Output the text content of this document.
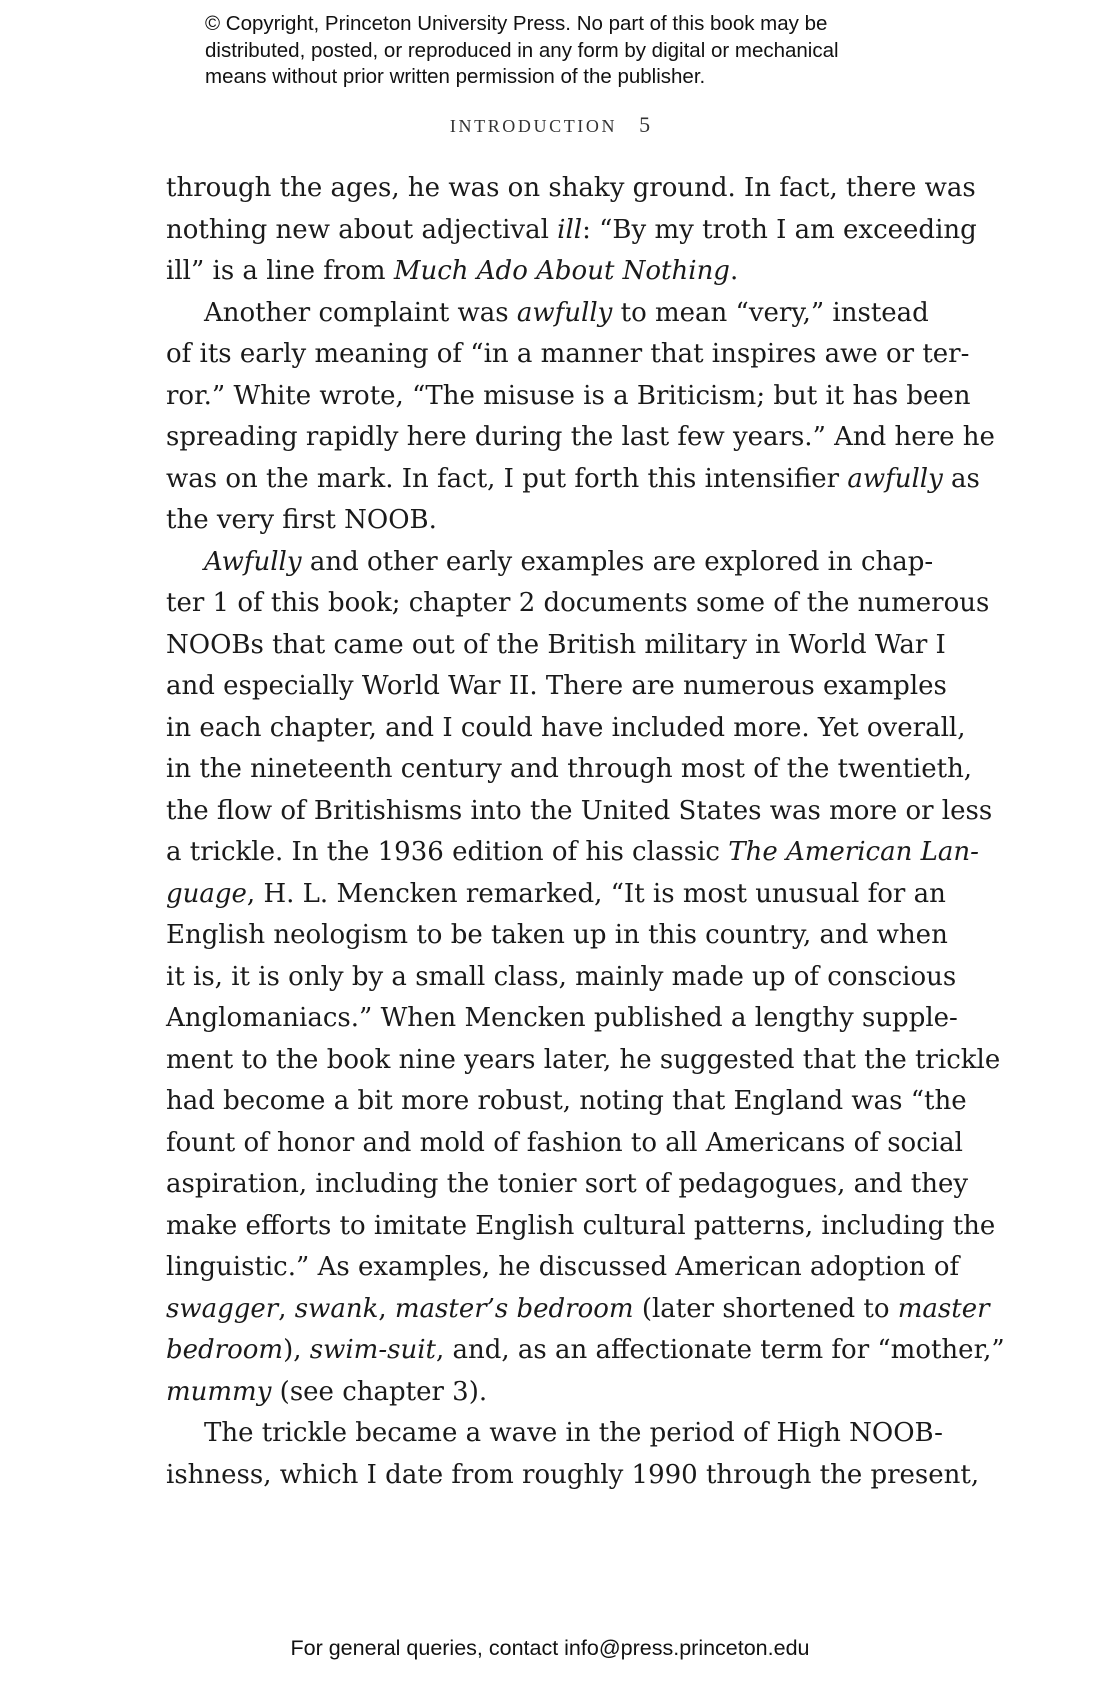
© Copyright, Princeton University Press. No part of this book may be

distributed, posted, or reproduced in any form by digital or mechanical

means without prior written permission of the publisher.

INTRODUCTION 5
through the ages, he was on shaky ground. In fact, there was
nothing new about adjectival ill: “By my troth I am exceeding
ill” is a line from Much Ado About Nothing.
Another complaint was awfully to mean “very,” instead
of its early meaning of “in a manner that inspires awe or ter-
ror.” White wrote, “The misuse is a Briticism; but it has been
spreading rapidly here during the last few years.” And here he
was on the mark. In fact, I put forth this intensifier awfully as
the very first NOOB.
Awfully and other early examples are explored in chap-
ter 1 of this book; chapter 2 documents some of the numerous
NOOBs that came out of the British military in World War I
and especially World War II. There are numerous examples
in each chapter, and I could have included more. Yet overall,
in the nineteenth century and through most of the twentieth,
the flow of Britishisms into the United States was more or less
a trickle. In the 1936 edition of his classic The American Lan-
guage, H. L. Mencken remarked, “It is most unusual for an
English neologism to be taken up in this country, and when
it is, it is only by a small class, mainly made up of conscious
Anglomaniacs.” When Mencken published a lengthy supple-
ment to the book nine years later, he suggested that the trickle
had become a bit more robust, noting that England was “the
fount of honor and mold of fashion to all Americans of social
aspiration, including the tonier sort of pedagogues, and they
make efforts to imitate English cultural patterns, including the
linguistic.” As examples, he discussed American adoption of
swagger, swank, master’s bedroom (later shortened to master
bedroom), swim-suit, and, as an affectionate term for “mother,”
mummy (see chapter 3).
The trickle became a wave in the period of High NOOB-
ishness, which I date from roughly 1990 through the present,
For general queries, contact info@press.princeton.edu
